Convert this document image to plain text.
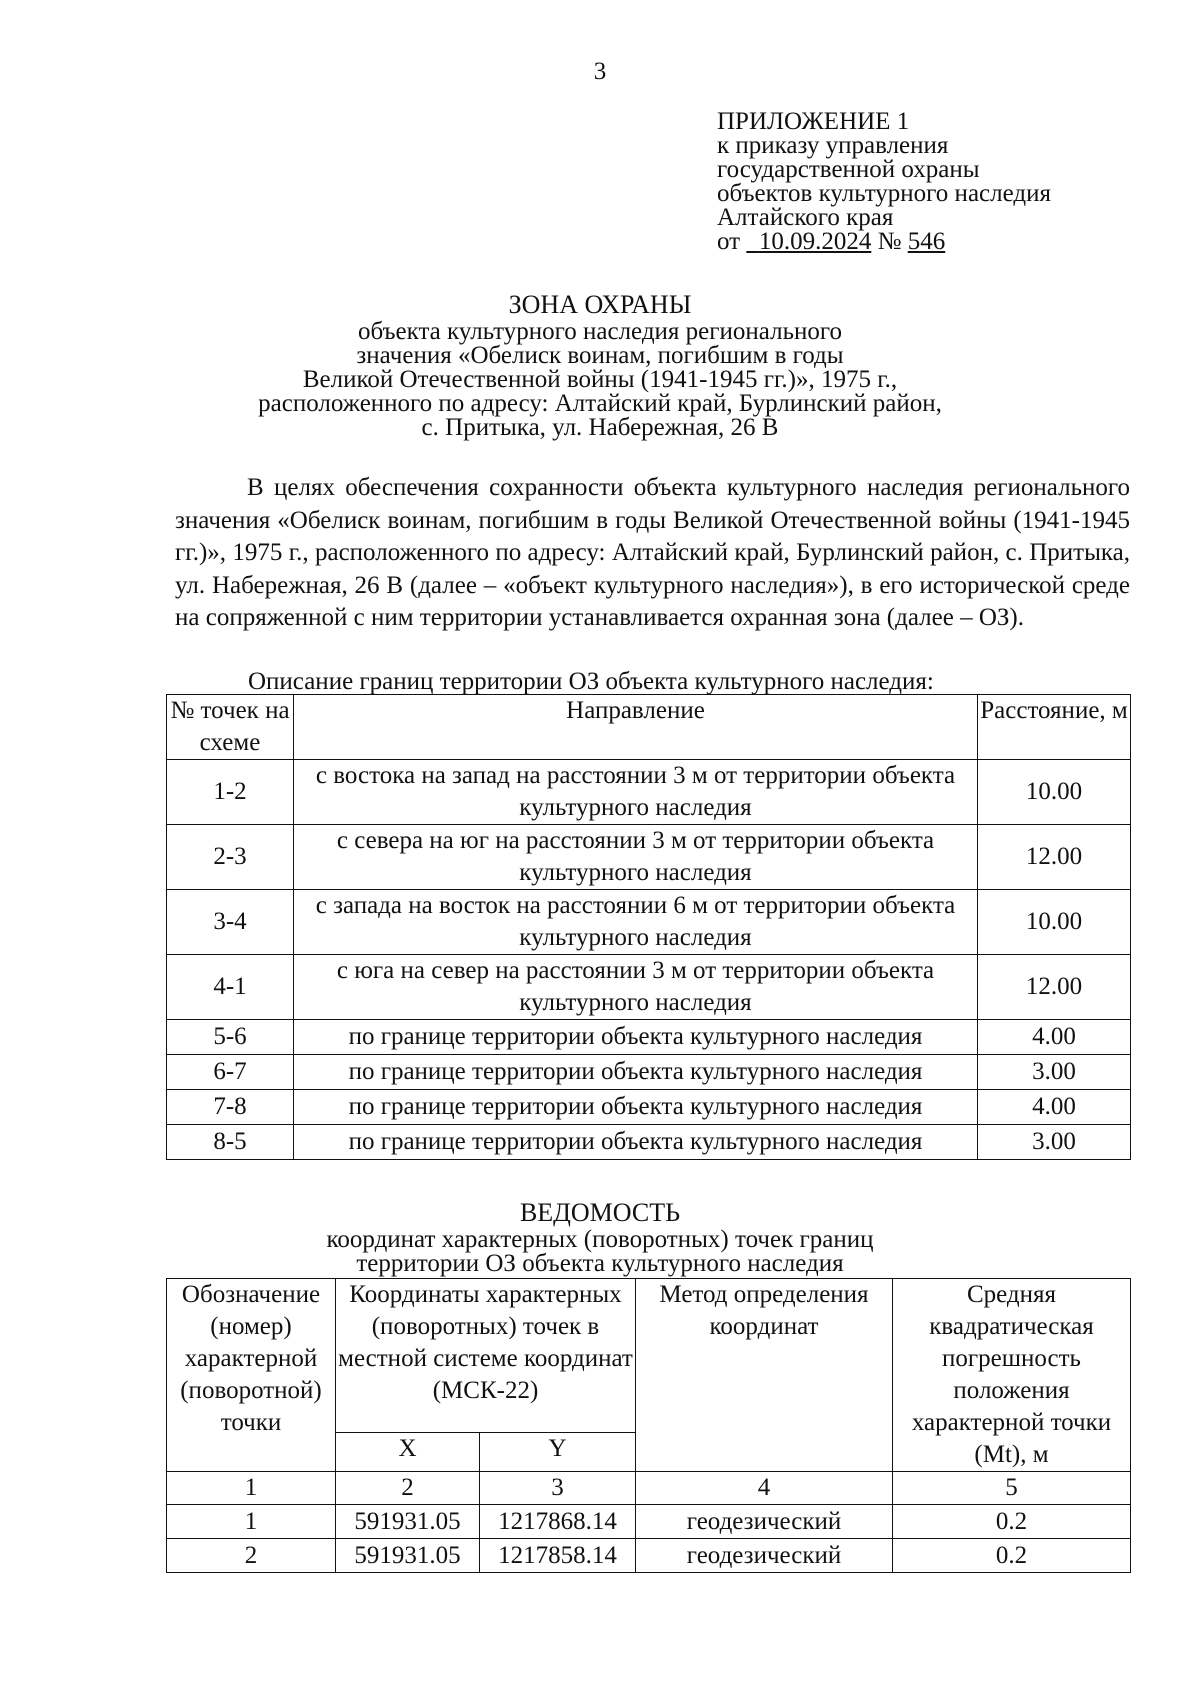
3
ПРИЛОЖЕНИЕ 1
к приказу управления
государственной охраны
объектов культурного наследия
Алтайского края
от 10.09.2024 № 546
ЗОНА ОХРАНЫ
объекта культурного наследия регионального
значения «Обелиск воинам, погибшим в годы
Великой Отечественной войны (1941-1945 гг.)», 1975 г.,
расположенного по адресу: Алтайский край, Бурлинский район,
с. Притыка, ул. Набережная, 26 В

В целях обеспечения сохранности объекта культурного наследия регионального значения «Обелиск воинам, погибшим в годы Великой Отечественной войны (1941-1945 гг.)», 1975 г., расположенного по адресу: Алтайский край, Бурлинский район, с. Притыка, ул. Набережная, 26 В (далее – «объект культурного наследия»), в его исторической среде на сопряженной с ним территории устанавливается охранная зона (далее – ОЗ).

Описание границ территории ОЗ объекта культурного наследия:
№ точек на схеме	Направление	Расстояние, м
1-2	с востока на запад на расстоянии 3 м от территории объекта культурного наследия	10.00
2-3	с севера на юг на расстоянии 3 м от территории объекта культурного наследия	12.00
3-4	с запада на восток на расстоянии 6 м от территории объекта культурного наследия	10.00
4-1	с юга на север на расстоянии 3 м от территории объекта культурного наследия	12.00
5-6	по границе территории объекта культурного наследия	4.00
6-7	по границе территории объекта культурного наследия	3.00
7-8	по границе территории объекта культурного наследия	4.00
8-5	по границе территории объекта культурного наследия	3.00
ВЕДОМОСТЬ
координат характерных (поворотных) точек границ
территории ОЗ объекта культурного наследия
Обозначение (номер) характерной (поворотной) точки	Координаты характерных (поворотных) точек в местной системе координат (МСК-22)		Метод определения координат	Средняя квадратическая погрешность положения характерной точки (Mt), м
	X	Y		
1	2	3	4	5
1	591931.05	1217868.14	геодезический	0.2
2	591931.05	1217858.14	геодезический	0.2
